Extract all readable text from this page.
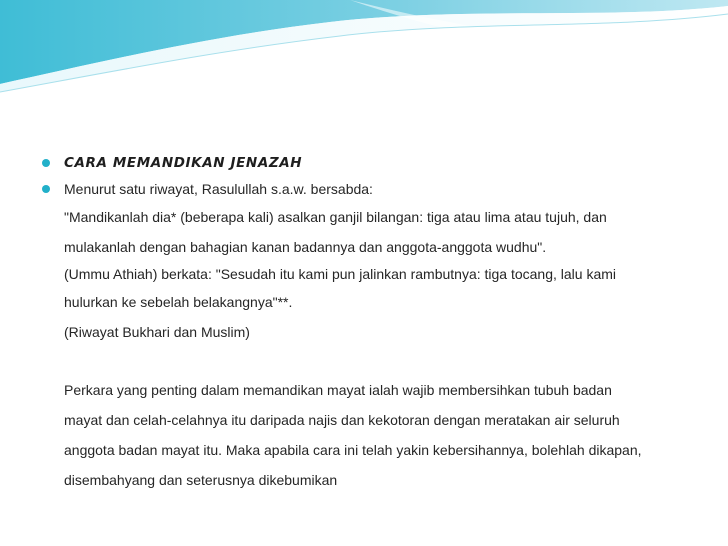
CARA MEMANDIKAN JENAZAH
Menurut satu riwayat, Rasulullah s.a.w. bersabda:
"Mandikanlah dia* (beberapa kali) asalkan ganjil bilangan: tiga atau lima atau tujuh, dan
mulakanlah dengan bahagian kanan badannya dan anggota-anggota wudhu".
(Ummu Athiah) berkata: "Sesudah itu kami pun jalinkan rambutnya: tiga tocang, lalu kami
hulurkan ke sebelah belakangnya"**.
(Riwayat Bukhari dan Muslim)
Perkara yang penting dalam memandikan mayat ialah wajib membersihkan tubuh badan
mayat dan celah-celahnya itu daripada najis dan kekotoran dengan meratakan air seluruh
anggota badan mayat itu. Maka apabila cara ini telah yakin kebersihannya, bolehlah dikapan,
disembahyang dan seterusnya dikebumikan
